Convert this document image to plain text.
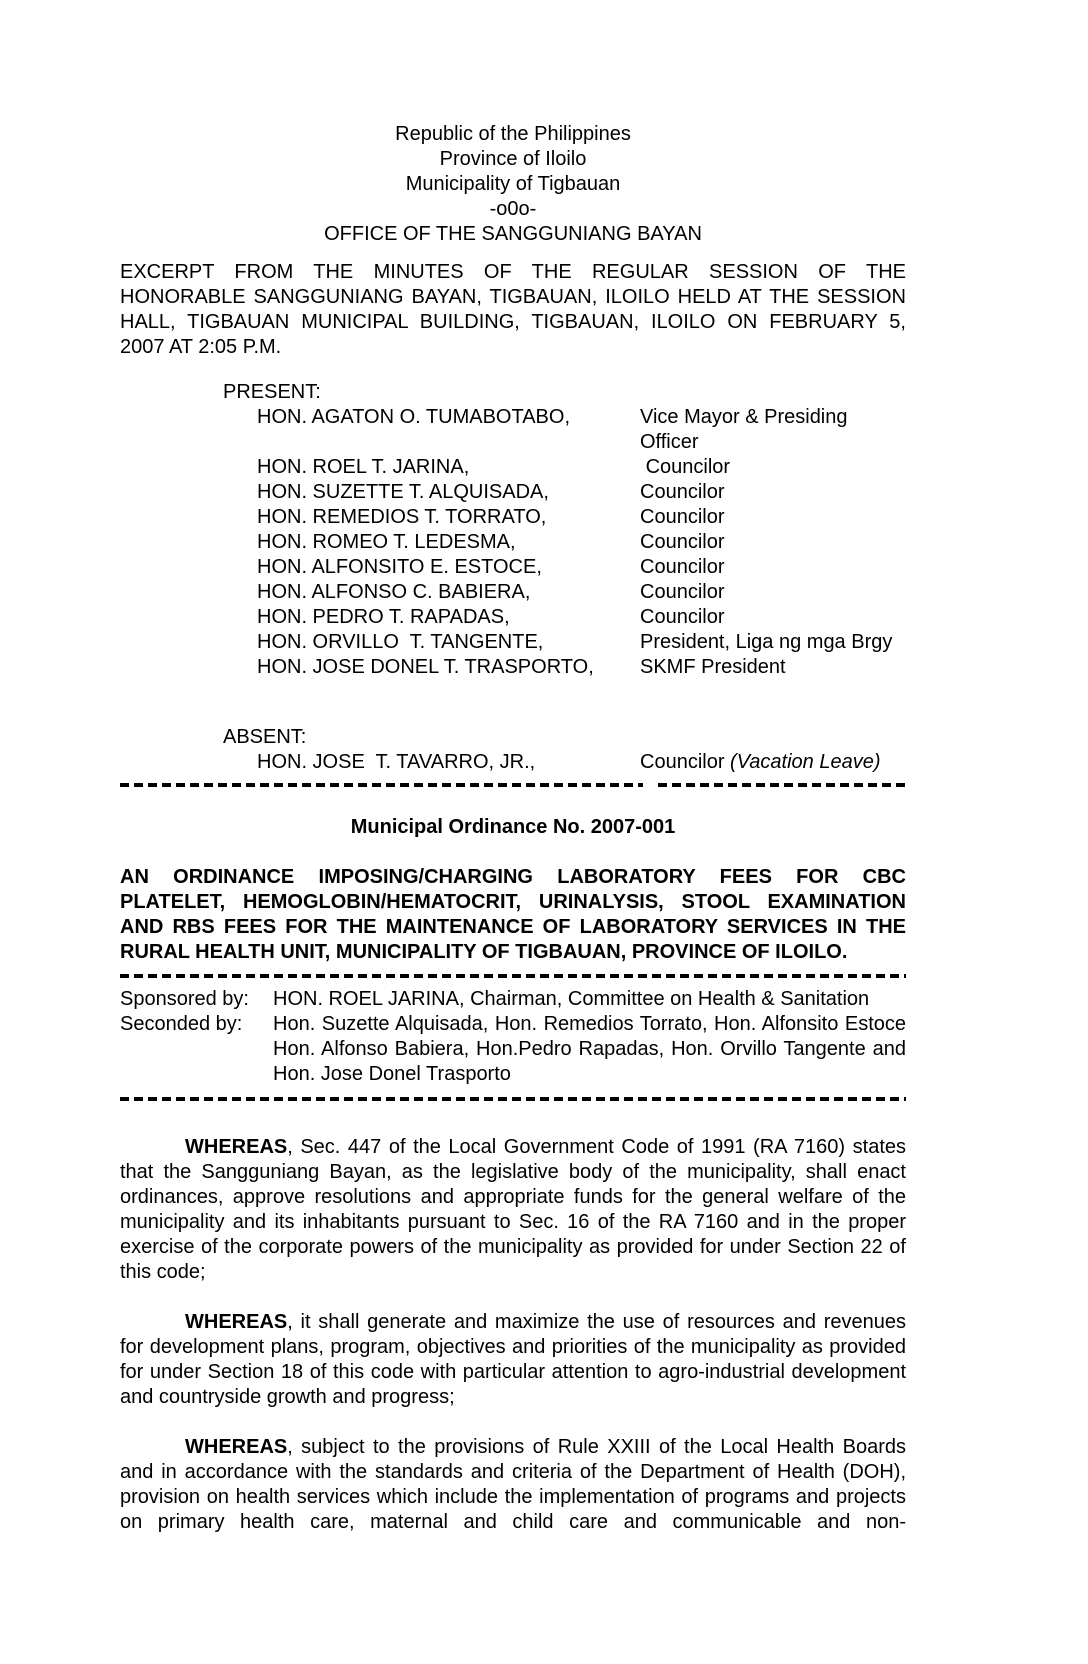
Republic of the Philippines
Province of Iloilo
Municipality of Tigbauan
-o0o-
OFFICE OF THE SANGGUNIANG BAYAN
EXCERPT FROM THE MINUTES OF THE REGULAR SESSION OF THE
HONORABLE SANGGUNIANG BAYAN, TIGBAUAN, ILOILO HELD AT THE SESSION
HALL, TIGBAUAN MUNICIPAL BUILDING, TIGBAUAN, ILOILO ON FEBRUARY 5,
2007 AT 2:05 P.M.
PRESENT:
HON. AGATON O. TUMABOTABO,	Vice Mayor & Presiding Officer
HON. ROEL T. JARINA,	Councilor
HON. SUZETTE T. ALQUISADA,	Councilor
HON. REMEDIOS T. TORRATO,	Councilor
HON. ROMEO T. LEDESMA,	Councilor
HON. ALFONSITO E. ESTOCE,	Councilor
HON. ALFONSO C. BABIERA,	Councilor
HON. PEDRO T. RAPADAS,	Councilor
HON. ORVILLO  T. TANGENTE,	President, Liga ng mga Brgy
HON. JOSE DONEL T. TRASPORTO,	SKMF President
ABSENT:
HON. JOSE  T. TAVARRO, JR.,	Councilor (Vacation Leave)
Municipal Ordinance No. 2007-001
AN ORDINANCE IMPOSING/CHARGING LABORATORY FEES FOR CBC
PLATELET, HEMOGLOBIN/HEMATOCRIT, URINALYSIS, STOOL EXAMINATION
AND RBS FEES FOR THE MAINTENANCE OF LABORATORY SERVICES IN THE
RURAL HEALTH UNIT, MUNICIPALITY OF TIGBAUAN, PROVINCE OF ILOILO.
Sponsored by:	HON. ROEL JARINA, Chairman, Committee on Health & Sanitation
Seconded by:	Hon. Suzette Alquisada, Hon. Remedios Torrato, Hon. Alfonsito Estoce
Hon. Alfonso Babiera, Hon.Pedro Rapadas, Hon. Orvillo Tangente and
Hon. Jose Donel Trasporto
WHEREAS, Sec. 447 of the Local Government Code of 1991 (RA 7160) states
that the Sangguniang Bayan, as the legislative body of the municipality, shall enact
ordinances, approve resolutions and appropriate funds for the general welfare of the
municipality and its inhabitants pursuant to Sec. 16 of the RA 7160 and in the proper
exercise of the corporate powers of the municipality as provided for under Section 22 of
this code;
WHEREAS, it shall generate and maximize the use of resources and revenues
for development plans, program, objectives and priorities of the municipality as provided
for under Section 18 of this code with particular attention to agro-industrial development
and countryside growth and progress;
WHEREAS, subject to the provisions of Rule XXIII of the Local Health Boards
and in accordance with the standards and criteria of the Department of Health (DOH),
provision on health services which include the implementation of programs and projects
on primary health care, maternal and child care and communicable and non-
